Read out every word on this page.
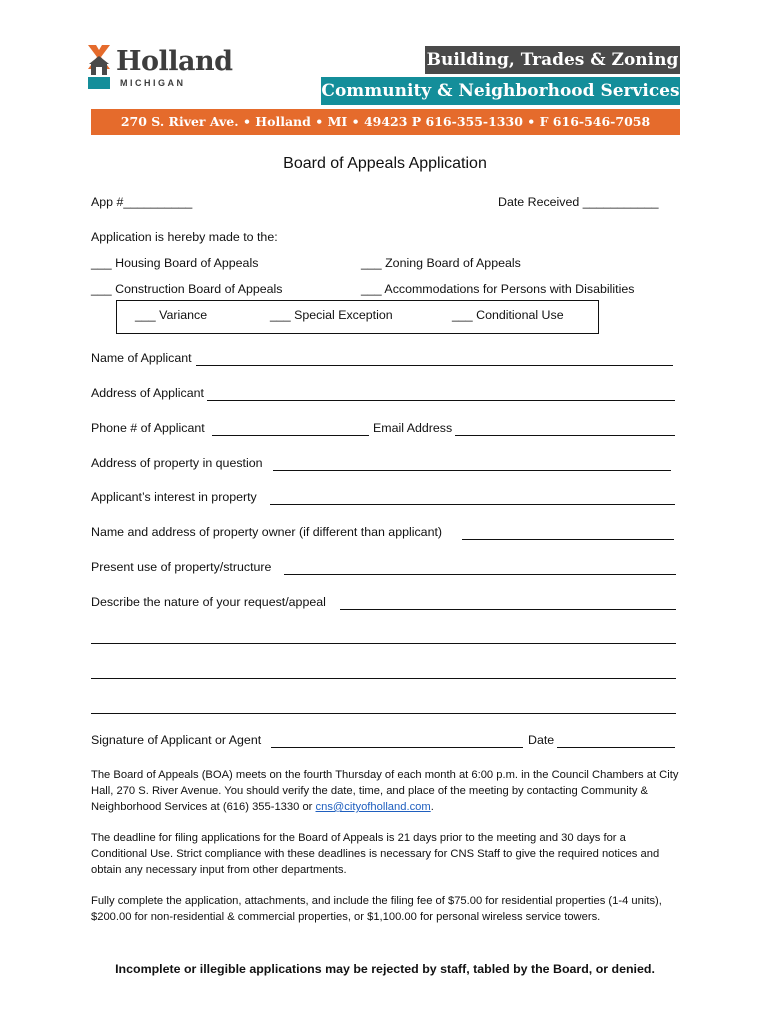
Holland
MICHIGAN
Building, Trades & Zoning
Community & Neighborhood Services
270 S. River Ave. • Holland • MI • 49423 P 616-355-1330 • F 616-546-7058 cns@cityofholland.com
Board of Appeals Application
App #__________	Date Received ___________
Application is hereby made to the:
___ Housing Board of Appeals	___ Zoning Board of Appeals
___ Construction Board of Appeals	___ Accommodations for Persons with Disabilities
___ Variance	___ Special Exception	___ Conditional Use
Name of Applicant
Address of Applicant
Phone # of Applicant	Email Address
Address of property in question
Applicant’s interest in property
Name and address of property owner (if different than applicant)
Present use of property/structure
Describe the nature of your request/appeal
Signature of Applicant or Agent	Date
The Board of Appeals (BOA) meets on the fourth Thursday of each month at 6:00 p.m. in the Council Chambers at City Hall, 270 S. River Avenue. You should verify the date, time, and place of the meeting by contacting Community & Neighborhood Services at (616) 355-1330 or cns@cityofholland.com.
The deadline for filing applications for the Board of Appeals is 21 days prior to the meeting and 30 days for a Conditional Use. Strict compliance with these deadlines is necessary for CNS Staff to give the required notices and obtain any necessary input from other departments.
Fully complete the application, attachments, and include the filing fee of $75.00 for residential properties (1-4 units), $200.00 for non-residential & commercial properties, or $1,100.00 for personal wireless service towers.
Incomplete or illegible applications may be rejected by staff, tabled by the Board, or denied.
